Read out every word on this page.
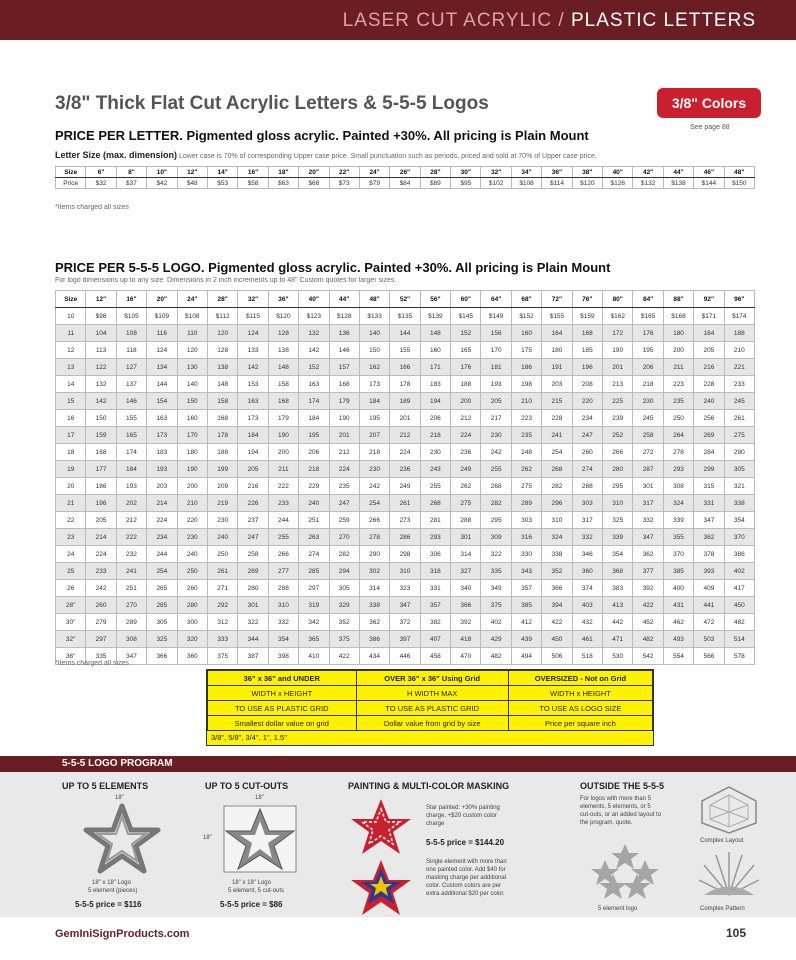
LASER CUT ACRYLIC / PLASTIC LETTERS
3/8" Thick Flat Cut Acrylic Letters & 5-5-5 Logos	3/8" Colors
See page 88
PRICE PER LETTER. Pigmented gloss acrylic. Painted +30%. All pricing is Plain Mount
Letter Size (max. dimension) Lower case is 70% of corresponding Upper case price. Small punctuation such as periods, priced and sold at 70% of Upper case price.
Size	6"	8"	10"	12"	14"	16"	18"	20"	22"	24"	26"	28"	30"	32"	34"	36"	38"	40"	42"	44"	46"	48"
Price	$32	$37	$42	$48	$53	$58	$63	$68	$73	$79	$84	$89	$95	$102	$108	$114	$120	$126	$132	$138	$144	$150
*Items charged all sizes
PRICE PER 5-5-5 LOGO. Pigmented gloss acrylic. Painted +30%. All pricing is Plain Mount
For logo dimensions up to any size. Dimensions in 2 inch increments up to 48" Custom quotes for larger sizes.
Size	12"	16"	20"	24"	28"	32"	36"	40"	44"	48"	52"	56"	60"	64"	68"	72"	76"	80"	84"	88"	92"	96"
10	$98	$105	$109	$108	$112	$115	$120	$123	$128	$133	$135	$139	$145	$149	$152	$155	$159	$162	$165	$168	$171	$174
11	104	108	116	110	120	124	128	132	136	140	144	148	152	156	160	164	168	172	176	180	184	188
12	113	118	124	120	128	133	138	142	146	150	155	160	165	170	175	180	185	190	195	200	205	210
13	122	127	134	130	138	142	148	152	157	162	166	171	176	181	186	191	196	201	206	211	216	221
14	132	137	144	140	148	153	158	163	168	173	178	183	188	193	198	203	208	213	218	223	228	233
15	142	146	154	150	158	163	168	174	179	184	189	194	200	205	210	215	220	225	230	235	240	245
16	150	155	163	160	168	173	179	184	190	195	201	206	212	217	223	228	234	239	245	250	256	261
17	159	165	173	170	178	184	190	195	201	207	212	218	224	230	235	241	247	252	258	264	269	275
18	168	174	183	180	188	194	200	206	212	218	224	230	236	242	248	254	260	266	272	278	284	290
19	177	184	193	190	199	205	211	218	224	230	236	243	249	255	262	268	274	280	287	293	299	305
20	186	193	203	200	209	216	222	229	235	242	249	255	262	268	275	282	288	295	301	308	315	321
21	196	202	214	210	219	226	233	240	247	254	261	268	275	282	289	296	303	310	317	324	331	338
22	205	212	224	220	230	237	244	251	259	266	273	281	288	295	303	310	317	325	332	339	347	354
23	214	222	234	230	240	247	255	263	270	278	286	293	301	309	316	324	332	339	347	355	362	370
24	224	232	244	240	250	258	266	274	282	290	298	306	314	322	330	338	346	354	362	370	378	386
25	233	241	254	250	261	269	277	285	294	302	310	318	327	335	343	352	360	368	377	385	393	402
26	242	251	265	260	271	280	288	297	305	314	323	331	340	349	357	366	374	383	392	400	409	417
28"	260	270	285	280	292	301	310	319	329	338	347	357	366	375	385	394	403	413	422	431	441	450
30"	279	289	305	300	312	322	332	342	352	362	372	382	392	402	412	422	432	442	452	462	472	482
32"	297	308	325	320	333	344	354	365	375	386	397	407	418	429	439	450	461	471	482	493	503	514
36"	335	347	366	360	375	387	398	410	422	434	446	458	470	482	494	506	518	530	542	554	566	578
*Items charged all sizes
36" x 36" and UNDER	OVER 36" x 36" Using Grid	OVERSIZED - Not on Grid
WIDTH x HEIGHT	H WIDTH MAX	WIDTH x HEIGHT
TO USE AS PLASTIC GRID	TO USE AS PLASTIC GRID	TO USE AS LOGO SIZE
Smallest dollar value on grid	Dollar value from grid by size	Price per square inch
3/8", 5/8", 3/4", 1", 1.5"
5-5-5 LOGO PROGRAM
UP TO 5 ELEMENTS
18"
18" x 18" Logo
5 element (pieces)
5-5-5 price = $116
UP TO 5 CUT-OUTS
18"
18"
18" x 18" Logo
5 element, 5 cut-outs
5-5-5 price = $86
PAINTING & MULTI-COLOR MASKING
Star painted: +30% painting charge, +$20 custom color charge
5-5-5 price = $144.20
Single element with more than one painted color. Add $40 for masking charge per additional color. Custom colors are per extra additional $20 per color.
OUTSIDE THE 5-5-5
For logos with more than 5 elements, 5 elements, or 5 cut-outs, or an added layout to the program, quote.
Complex Layout
5 element logo	Complex Pattern
GemIniSignProducts.com	105
